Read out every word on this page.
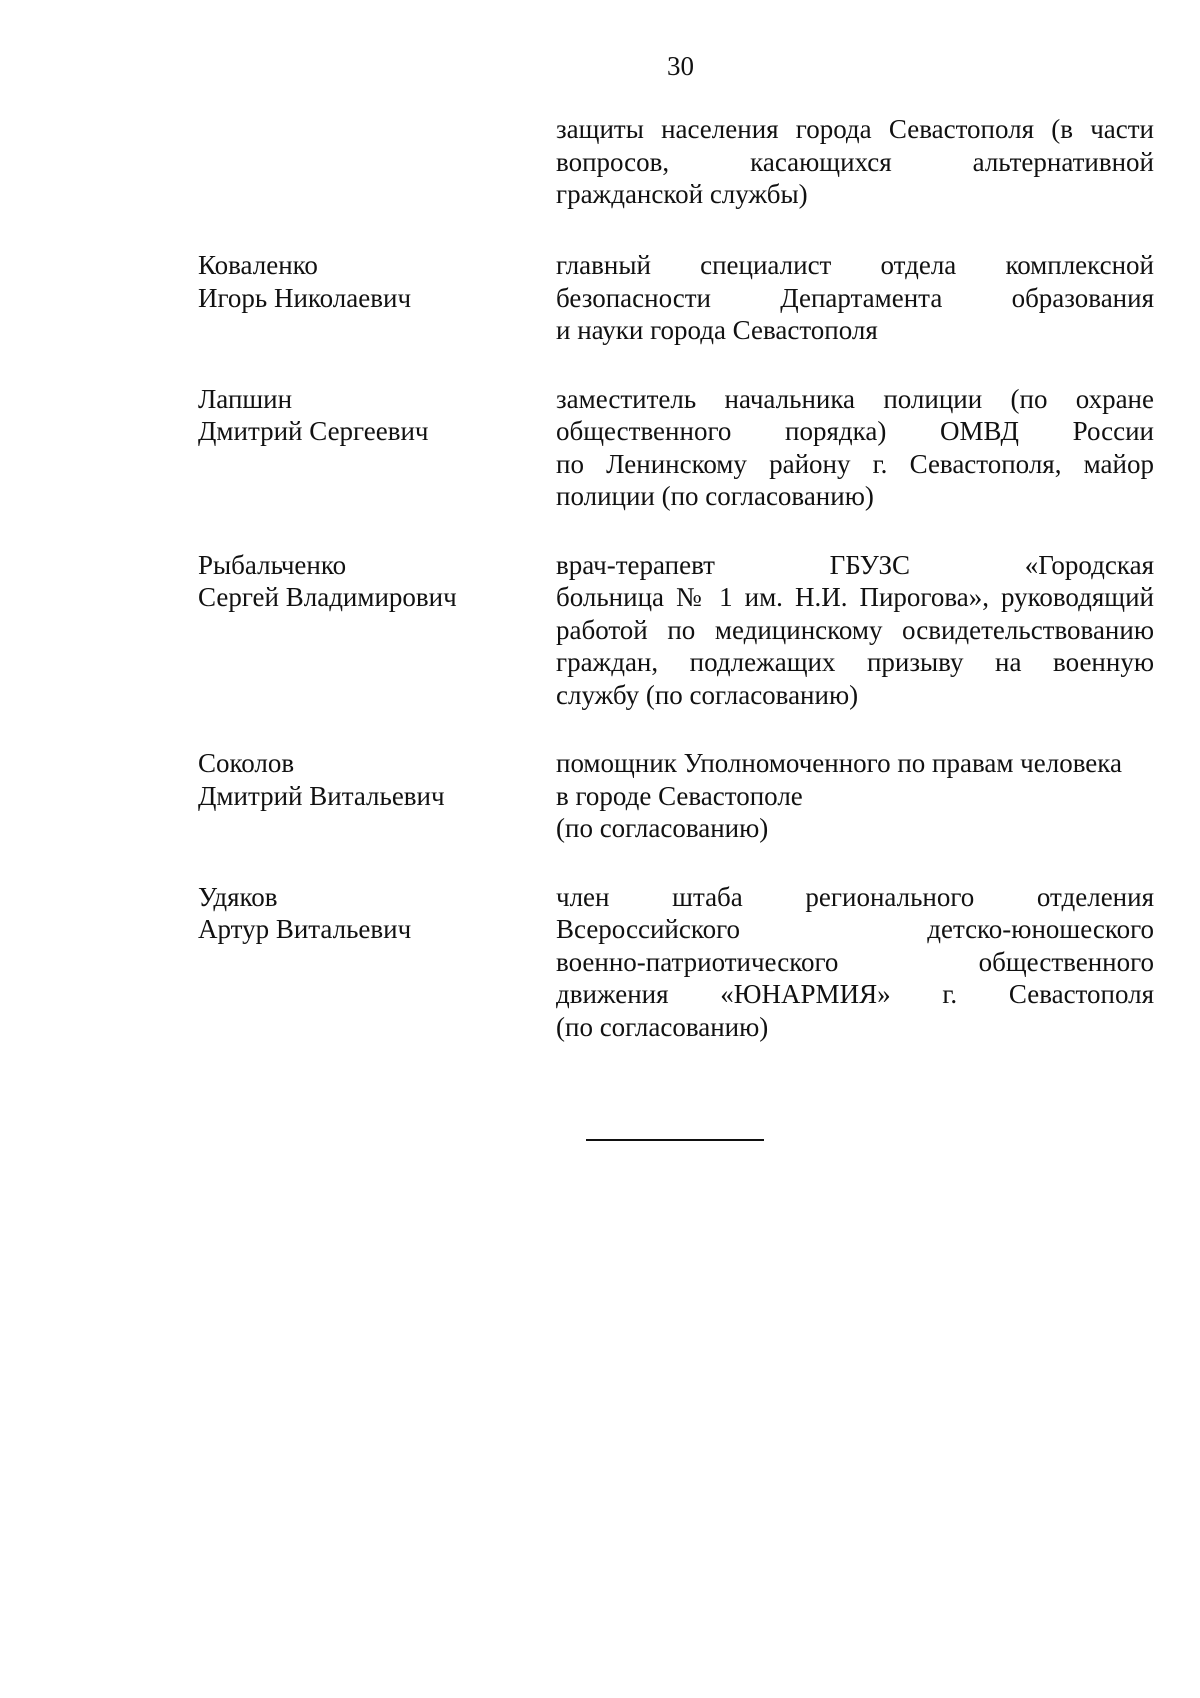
30
защиты населения города Севастополя (в части
вопросов, касающихся альтернативной
гражданской службы)
Коваленко
Игорь Николаевич
главный специалист отдела комплексной
безопасности Департамента образования
и науки города Севастополя
Лапшин
Дмитрий Сергеевич
заместитель начальника полиции (по охране
общественного порядка) ОМВД России
по Ленинскому району г. Севастополя, майор
полиции (по согласованию)
Рыбальченко
Сергей Владимирович
врач-терапевт ГБУЗС «Городская
больница № 1 им. Н.И. Пирогова», руководящий
работой по медицинскому освидетельствованию
граждан, подлежащих призыву на военную
службу (по согласованию)
Соколов
Дмитрий Витальевич
помощник Уполномоченного по правам человека
в городе Севастополе
(по согласованию)
Удяков
Артур Витальевич
член штаба регионального отделения
Всероссийского детско-юношеского
военно-патриотического общественного
движения «ЮНАРМИЯ» г. Севастополя
(по согласованию)
